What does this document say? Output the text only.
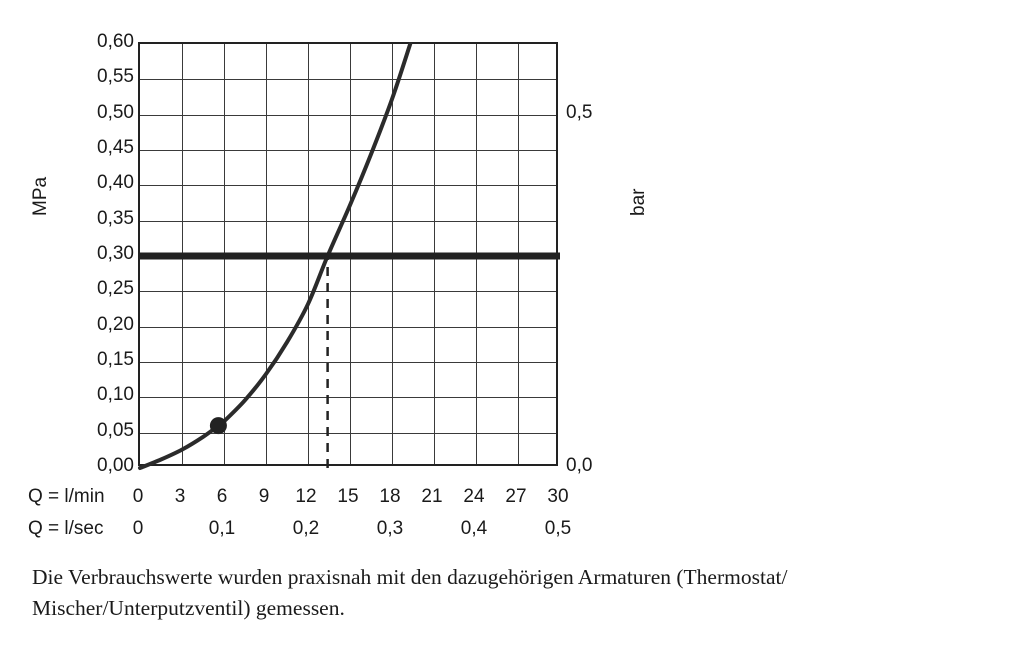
0,60
0,55
0,50
0,45
0,40
0,35
0,30
0,25
0,20
0,15
0,10
0,05
0,00
0,5
0,0
MPa	bar
Q = l/min	0	3	6	9	12	15	18	21	24	27	30
Q = l/sec	0	0,1	0,2	0,3	0,4	0,5
Die Verbrauchswerte wurden praxisnah mit den dazugehörigen Armaturen (Thermostat/
Mischer/Unterputzventil) gemessen.
